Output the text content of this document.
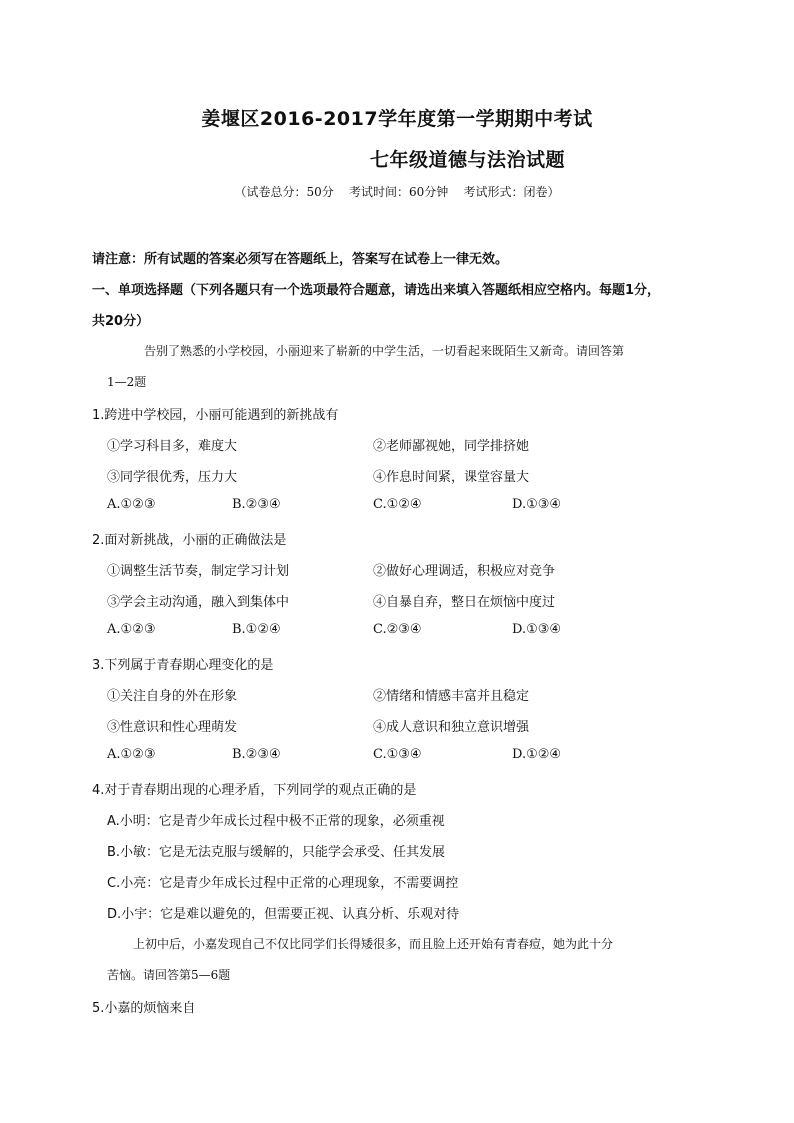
姜堰区2016-2017学年度第一学期期中考试
七年级道德与法治试题
（试卷总分：50分    考试时间：60分钟    考试形式：闭卷）
请注意：所有试题的答案必须写在答题纸上，答案写在试卷上一律无效。
一、单项选择题（下列各题只有一个选项最符合题意，请选出来填入答题纸相应空格内。每题1分，
共20分）
告别了熟悉的小学校园，小丽迎来了崭新的中学生活，一切看起来既陌生又新奇。请回答第
1—2题
1.跨进中学校园，小丽可能遇到的新挑战有
①学习科目多，难度大	②老师鄙视她，同学排挤她
③同学很优秀，压力大	④作息时间紧，课堂容量大
A.①②③	B.②③④	C.①②④	D.①③④
2.面对新挑战，小丽的正确做法是
①调整生活节奏，制定学习计划	②做好心理调适，积极应对竞争
③学会主动沟通，融入到集体中	④自暴自弃，整日在烦恼中度过
A.①②③	B.①②④	C.②③④	D.①③④
3.下列属于青春期心理变化的是
①关注自身的外在形象	②情绪和情感丰富并且稳定
③性意识和性心理萌发	④成人意识和独立意识增强
A.①②③	B.②③④	C.①③④	D.①②④
4.对于青春期出现的心理矛盾，下列同学的观点正确的是
A.小明：它是青少年成长过程中极不正常的现象，必须重视
B.小敏：它是无法克服与缓解的，只能学会承受、任其发展
C.小亮：它是青少年成长过程中正常的心理现象，不需要调控
D.小宇：它是难以避免的，但需要正视、认真分析、乐观对待
上初中后，小嘉发现自己不仅比同学们长得矮很多，而且脸上还开始有青春痘，她为此十分
苦恼。请回答第5—6题
5.小嘉的烦恼来自
